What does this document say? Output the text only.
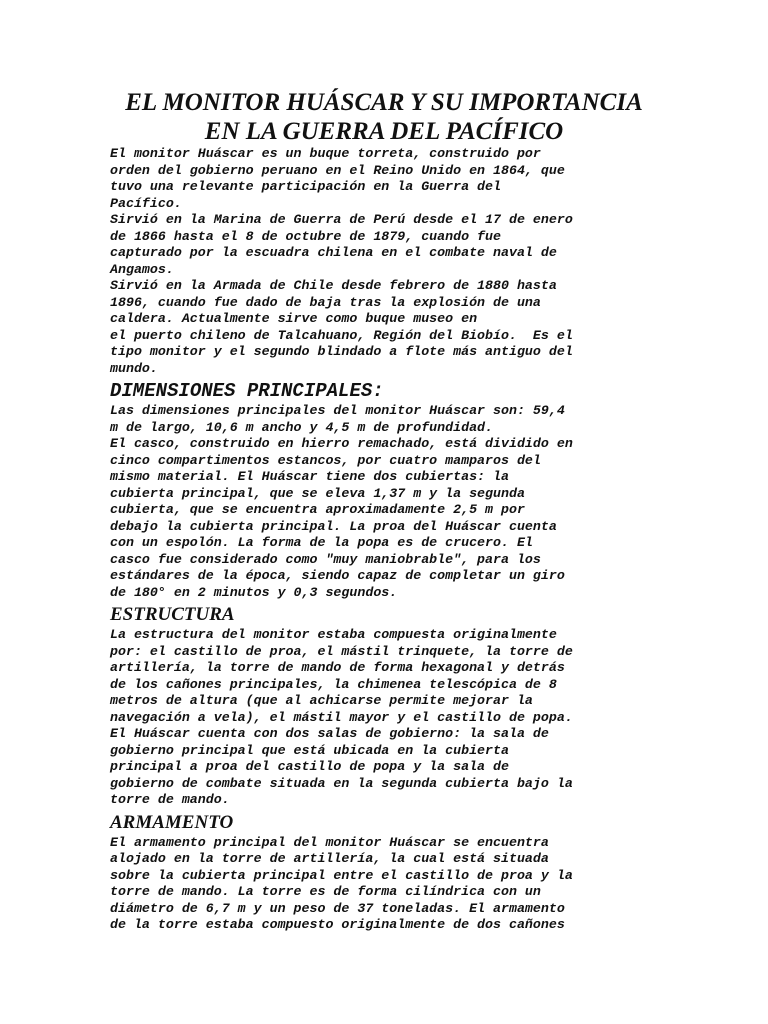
EL MONITOR HUÁSCAR Y SU IMPORTANCIA
EN LA GUERRA DEL PACÍFICO

El monitor Huáscar es un buque torreta, construido por
orden del gobierno peruano en el Reino Unido en 1864, que
tuvo una relevante participación en la Guerra del
Pacífico.
Sirvió en la Marina de Guerra de Perú desde el 17 de enero
de 1866 hasta el 8 de octubre de 1879, cuando fue
capturado por la escuadra chilena en el combate naval de
Angamos.
Sirvió en la Armada de Chile desde febrero de 1880 hasta
1896, cuando fue dado de baja tras la explosión de una
caldera. Actualmente sirve como buque museo en
el puerto chileno de Talcahuano, Región del Biobío.  Es el
tipo monitor y el segundo blindado a flote más antiguo del
mundo.

DIMENSIONES PRINCIPALES:

Las dimensiones principales del monitor Huáscar son: 59,4
m de largo, 10,6 m ancho y 4,5 m de profundidad.
El casco, construido en hierro remachado, está dividido en
cinco compartimentos estancos, por cuatro mamparos del
mismo material. El Huáscar tiene dos cubiertas: la
cubierta principal, que se eleva 1,37 m y la segunda
cubierta, que se encuentra aproximadamente 2,5 m por
debajo la cubierta principal. La proa del Huáscar cuenta
con un espolón. La forma de la popa es de crucero. El
casco fue considerado como "muy maniobrable", para los
estándares de la época, siendo capaz de completar un giro
de 180° en 2 minutos y 0,3 segundos.

ESTRUCTURA

La estructura del monitor estaba compuesta originalmente
por: el castillo de proa, el mástil trinquete, la torre de
artillería, la torre de mando de forma hexagonal y detrás
de los cañones principales, la chimenea telescópica de 8
metros de altura (que al achicarse permite mejorar la
navegación a vela), el mástil mayor y el castillo de popa.
El Huáscar cuenta con dos salas de gobierno: la sala de
gobierno principal que está ubicada en la cubierta
principal a proa del castillo de popa y la sala de
gobierno de combate situada en la segunda cubierta bajo la
torre de mando.

ARMAMENTO

El armamento principal del monitor Huáscar se encuentra
alojado en la torre de artillería, la cual está situada
sobre la cubierta principal entre el castillo de proa y la
torre de mando. La torre es de forma cilíndrica con un
diámetro de 6,7 m y un peso de 37 toneladas. El armamento
de la torre estaba compuesto originalmente de dos cañones
